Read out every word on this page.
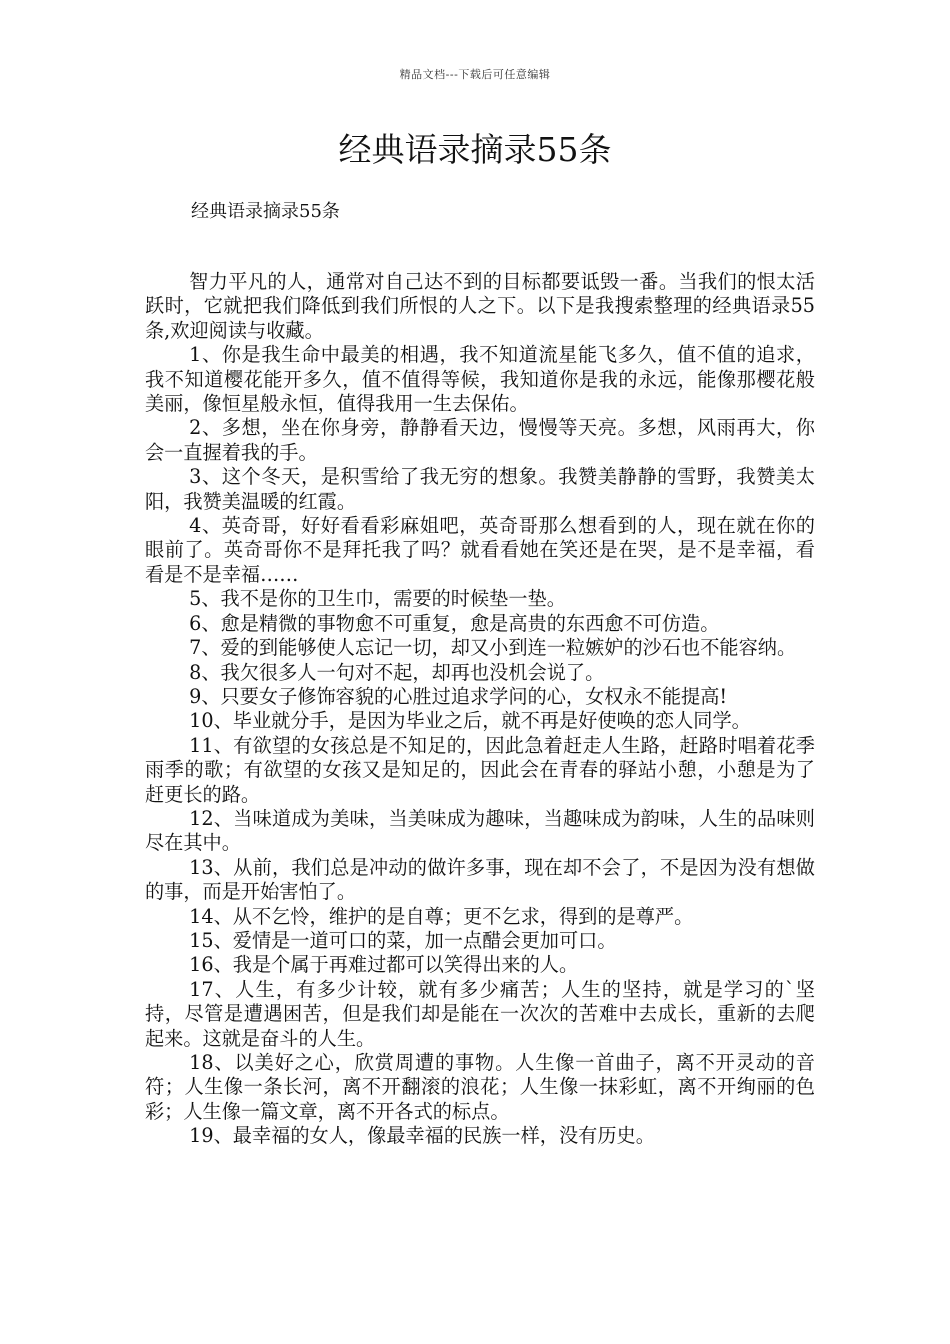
精品文档---下载后可任意编辑
经典语录摘录55条

经典语录摘录55条

智力平凡的人，通常对自己达不到的目标都要诋毁一番。当我们的恨太活跃时，它就把我们降低到我们所恨的人之下。以下是我搜索整理的经典语录55条,欢迎阅读与收藏。

1、你是我生命中最美的相遇，我不知道流星能飞多久，值不值的追求，我不知道樱花能开多久，值不值得等候，我知道你是我的永远，能像那樱花般美丽，像恒星般永恒，值得我用一生去保佑。

2、多想，坐在你身旁，静静看天边，慢慢等天亮。多想，风雨再大，你会一直握着我的手。

3、这个冬天，是积雪给了我无穷的想象。我赞美静静的雪野，我赞美太阳，我赞美温暖的红霞。

4、英奇哥，好好看看彩麻姐吧，英奇哥那么想看到的人，现在就在你的眼前了。英奇哥你不是拜托我了吗？就看看她在笑还是在哭，是不是幸福，看看是不是幸福……

5、我不是你的卫生巾，需要的时候垫一垫。

6、愈是精微的事物愈不可重复，愈是高贵的东西愈不可仿造。

7、爱的到能够使人忘记一切，却又小到连一粒嫉妒的沙石也不能容纳。

8、我欠很多人一句对不起，却再也没机会说了。

9、只要女子修饰容貌的心胜过追求学问的心，女权永不能提高!

10、毕业就分手，是因为毕业之后，就不再是好使唤的恋人同学。

11、有欲望的女孩总是不知足的，因此急着赶走人生路，赶路时唱着花季雨季的歌；有欲望的女孩又是知足的，因此会在青春的驿站小憩，小憩是为了赶更长的路。

12、当味道成为美味，当美味成为趣味，当趣味成为韵味，人生的品味则尽在其中。

13、从前，我们总是冲动的做许多事，现在却不会了，不是因为没有想做的事，而是开始害怕了。

14、从不乞怜，维护的是自尊；更不乞求，得到的是尊严。

15、爱情是一道可口的菜，加一点醋会更加可口。

16、我是个属于再难过都可以笑得出来的人。

17、人生，有多少计较，就有多少痛苦；人生的坚持，就是学习的`坚持，尽管是遭遇困苦，但是我们却是能在一次次的苦难中去成长，重新的去爬起来。这就是奋斗的人生。

18、以美好之心，欣赏周遭的事物。人生像一首曲子，离不开灵动的音符；人生像一条长河，离不开翻滚的浪花；人生像一抹彩虹，离不开绚丽的色彩；人生像一篇文章，离不开各式的标点。

19、最幸福的女人，像最幸福的民族一样，没有历史。
